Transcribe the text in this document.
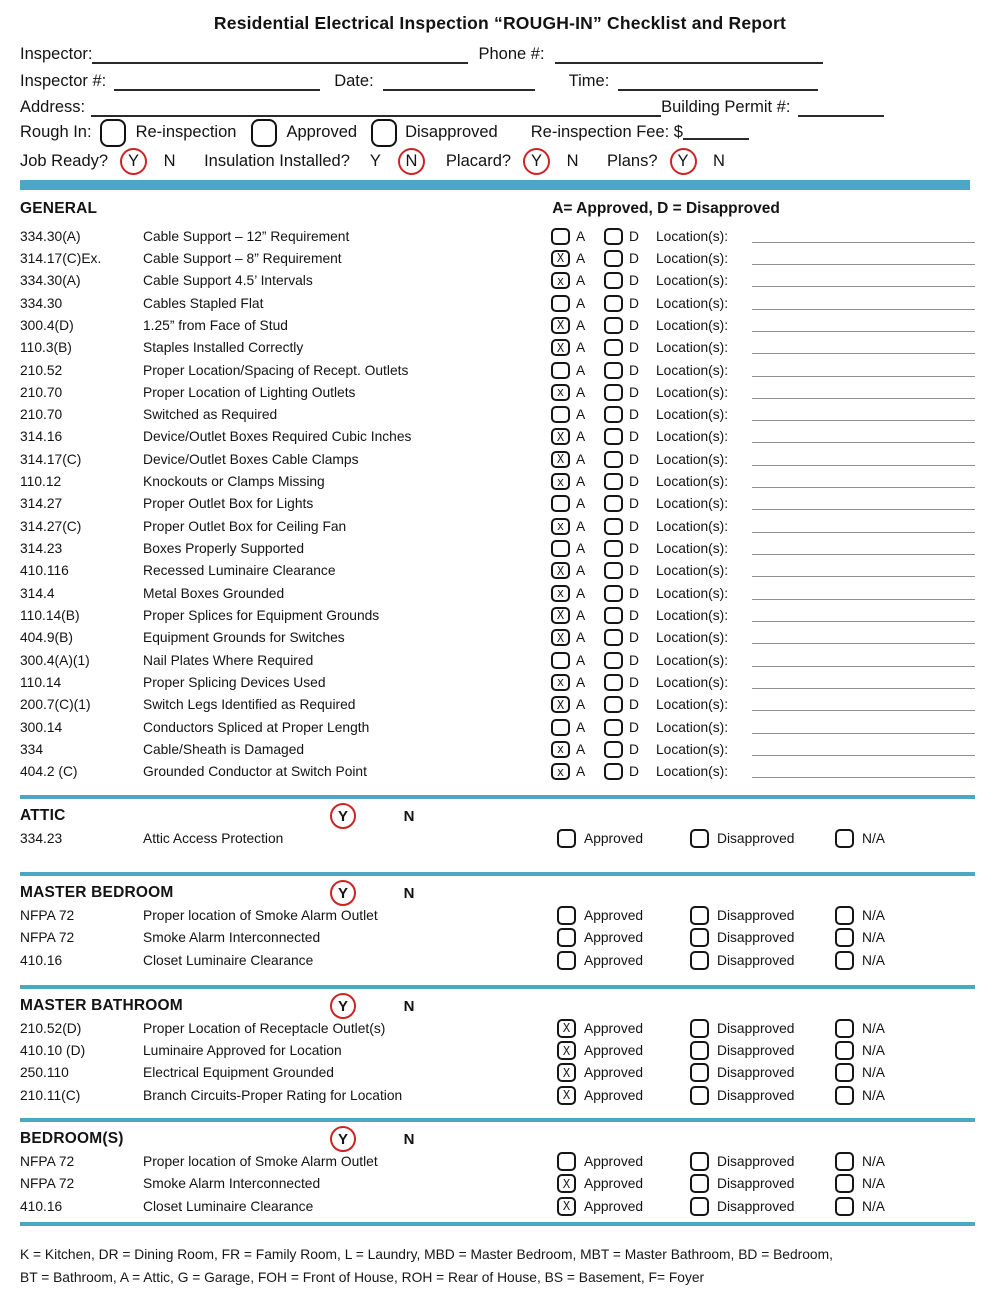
Residential Electrical Inspection “ROUGH-IN” Checklist and Report
Inspector:	Phone #:
Inspector #:	Date:	Time:
Address:	Building Permit #:
Rough In:	Re-inspection	Approved	Disapproved Re-inspection Fee: $
Job Ready?	Y	N	Insulation Installed?	Y	N	Placard?	Y	N	Plans?	Y	N
GENERAL	A= Approved, D = Disapproved
334.30(A)	Cable Support – 12” Requirement	A	D Location(s):
314.17(C)Ex.	Cable Support – 8” Requirement	X A	D Location(s):
334.30(A)	Cable Support 4.5’ Intervals	x A	D Location(s):
334.30	Cables Stapled Flat	A	D Location(s):
300.4(D)	1.25” from Face of Stud	X A	D Location(s):
110.3(B)	Staples Installed Correctly	X A	D Location(s):
210.52	Proper Location/Spacing of Recept. Outlets	A	D Location(s):
210.70	Proper Location of Lighting Outlets	x A	D Location(s):
210.70	Switched as Required	A	D Location(s):
314.16	Device/Outlet Boxes Required Cubic Inches	X A	D Location(s):
314.17(C)	Device/Outlet Boxes Cable Clamps	X A	D Location(s):
110.12	Knockouts or Clamps Missing	x A	D Location(s):
314.27	Proper Outlet Box for Lights	A	D Location(s):
314.27(C)	Proper Outlet Box for Ceiling Fan	x A	D Location(s):
314.23	Boxes Properly Supported	A	D Location(s):
410.116	Recessed Luminaire Clearance	X A	D Location(s):
314.4	Metal Boxes Grounded	x A	D Location(s):
110.14(B)	Proper Splices for Equipment Grounds	X A	D Location(s):
404.9(B)	Equipment Grounds for Switches	X A	D Location(s):
300.4(A)(1)	Nail Plates Where Required	A	D Location(s):
110.14	Proper Splicing Devices Used	x A	D Location(s):
200.7(C)(1)	Switch Legs Identified as Required	X A	D Location(s):
300.14	Conductors Spliced at Proper Length	A	D Location(s):
334	Cable/Sheath is Damaged	x A	D Location(s):
404.2 (C)	Grounded Conductor at Switch Point	x A	D Location(s):
ATTIC	Y	N
334.23	Attic Access Protection	Approved	Disapproved	N/A
MASTER BEDROOM	Y	N
NFPA 72	Proper location of Smoke Alarm Outlet	Approved	Disapproved	N/A
NFPA 72	Smoke Alarm Interconnected	Approved	Disapproved	N/A
410.16	Closet Luminaire Clearance	Approved	Disapproved	N/A
MASTER BATHROOM	Y	N
210.52(D)	Proper Location of Receptacle Outlet(s)	X Approved	Disapproved	N/A
410.10 (D)	Luminaire Approved for Location	X Approved	Disapproved	N/A
250.110	Electrical Equipment Grounded	X Approved	Disapproved	N/A
210.11(C)	Branch Circuits-Proper Rating for Location	X Approved	Disapproved	N/A
BEDROOM(S)	Y	N
NFPA 72	Proper location of Smoke Alarm Outlet	Approved	Disapproved	N/A
NFPA 72	Smoke Alarm Interconnected	X Approved	Disapproved	N/A
410.16	Closet Luminaire Clearance	X Approved	Disapproved	N/A
K = Kitchen, DR = Dining Room, FR = Family Room, L = Laundry, MBD = Master Bedroom, MBT = Master Bathroom, BD = Bedroom,
BT = Bathroom, A = Attic, G = Garage, FOH = Front of House, ROH = Rear of House, BS = Basement, F= Foyer
